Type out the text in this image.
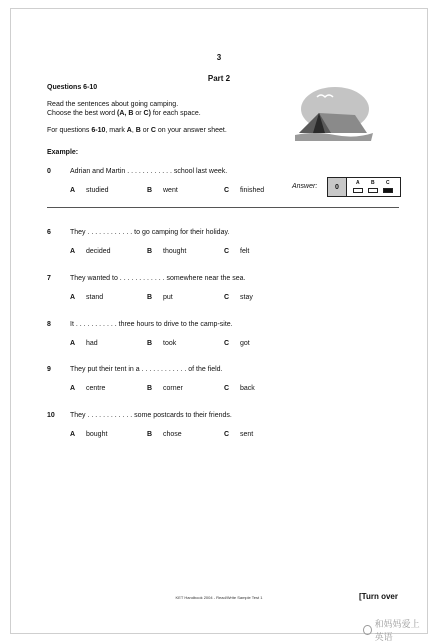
3
Part 2
Questions 6-10
Read the sentences about going camping.
Choose the best word (A, B or C) for each space.
For questions 6-10, mark A, B or C on your answer sheet.
Example:
0	Adrian and Martin . . . . . . . . . . . . school last week.
A studied	B went	C finished
Answer:	0
A B C
6	They . . . . . . . . . . . . to go camping for their holiday.
A decided	B thought	C felt
7	They wanted to . . . . . . . . . . . . somewhere near the sea.
A stand	B put	C stay
8	It . . . . . . . . . . . three hours to drive to the camp-site.
A had	B took	C got
9	They put their tent in a . . . . . . . . . . . . of the field.
A centre	B corner	C back
10 They . . . . . . . . . . . . some postcards to their friends.
A bought	B chose	C sent
KET Handbook 2004 - Read/Write Sample Test 1	[Turn over
和妈妈爱上英语
